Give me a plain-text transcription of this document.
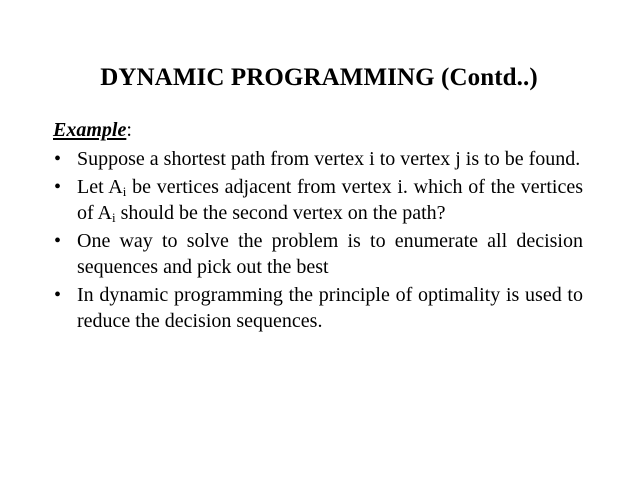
DYNAMIC PROGRAMMING (Contd..)
Example:
• Suppose a shortest path from vertex i to vertex j is to be found.
• Let $A_i$ be vertices adjacent from vertex i. which of the vertices of $A_i$ should be the second vertex on the path?
• One way to solve the problem is to enumerate all decision sequences and pick out the best
• In dynamic programming the principle of optimality is used to reduce the decision sequences.
